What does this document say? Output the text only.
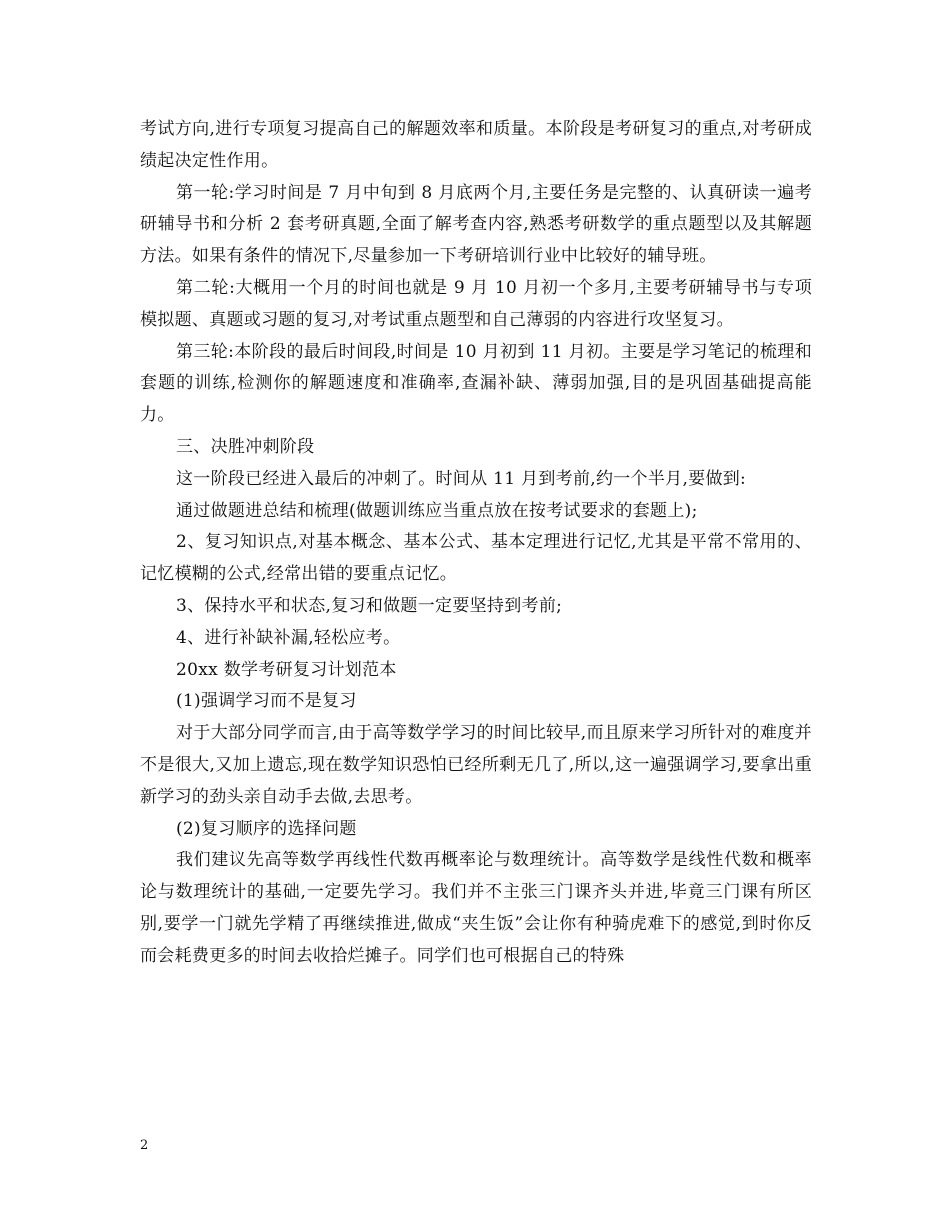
考试方向,进行专项复习提高自己的解题效率和质量。本阶段是考研复习的重点,对考研成绩起决定性作用。

第一轮:学习时间是 7 月中旬到 8 月底两个月,主要任务是完整的、认真研读一遍考研辅导书和分析 2 套考研真题,全面了解考查内容,熟悉考研数学的重点题型以及其解题方法。如果有条件的情况下,尽量参加一下考研培训行业中比较好的辅导班。

第二轮:大概用一个月的时间也就是 9 月 10 月初一个多月,主要考研辅导书与专项模拟题、真题或习题的复习,对考试重点题型和自己薄弱的内容进行攻坚复习。

第三轮:本阶段的最后时间段,时间是 10 月初到 11 月初。主要是学习笔记的梳理和套题的训练,检测你的解题速度和准确率,查漏补缺、薄弱加强,目的是巩固基础提高能力。

三、决胜冲刺阶段

这一阶段已经进入最后的冲刺了。时间从 11 月到考前,约一个半月,要做到:

通过做题进总结和梳理(做题训练应当重点放在按考试要求的套题上);

2、复习知识点,对基本概念、基本公式、基本定理进行记忆,尤其是平常不常用的、记忆模糊的公式,经常出错的要重点记忆。

3、保持水平和状态,复习和做题一定要坚持到考前;

4、进行补缺补漏,轻松应考。

20xx 数学考研复习计划范本

(1)强调学习而不是复习

对于大部分同学而言,由于高等数学学习的时间比较早,而且原来学习所针对的难度并不是很大,又加上遗忘,现在数学知识恐怕已经所剩无几了,所以,这一遍强调学习,要拿出重新学习的劲头亲自动手去做,去思考。

(2)复习顺序的选择问题

我们建议先高等数学再线性代数再概率论与数理统计。高等数学是线性代数和概率论与数理统计的基础,一定要先学习。我们并不主张三门课齐头并进,毕竟三门课有所区别,要学一门就先学精了再继续推进,做成“夹生饭”会让你有种骑虎难下的感觉,到时你反而会耗费更多的时间去收拾烂摊子。同学们也可根据自己的特殊

2
